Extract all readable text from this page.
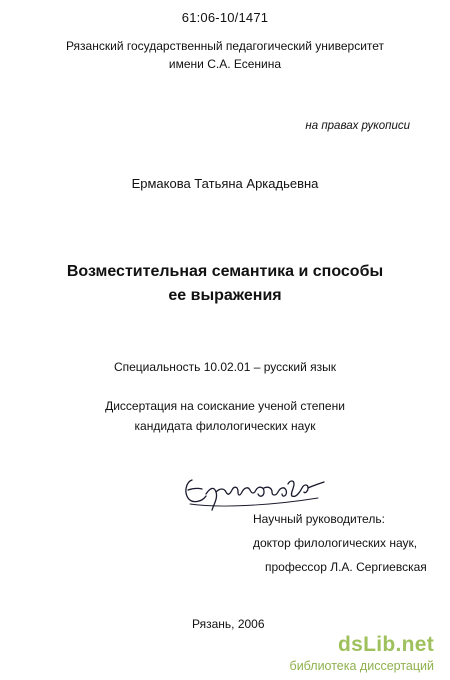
61:06-10/1471
Рязанский государственный педагогический университет
имени С.А. Есенина
на правах рукописи
Ермакова Татьяна Аркадьевна
Возместительная семантика и способы
ее выражения
Специальность 10.02.01 – русский язык
Диссертация на соискание ученой степени
кандидата филологических наук
Научный руководитель:
доктор филологических наук,
профессор Л.А. Сергиевская
Рязань, 2006
dsLib.net
библиотека диссертаций
